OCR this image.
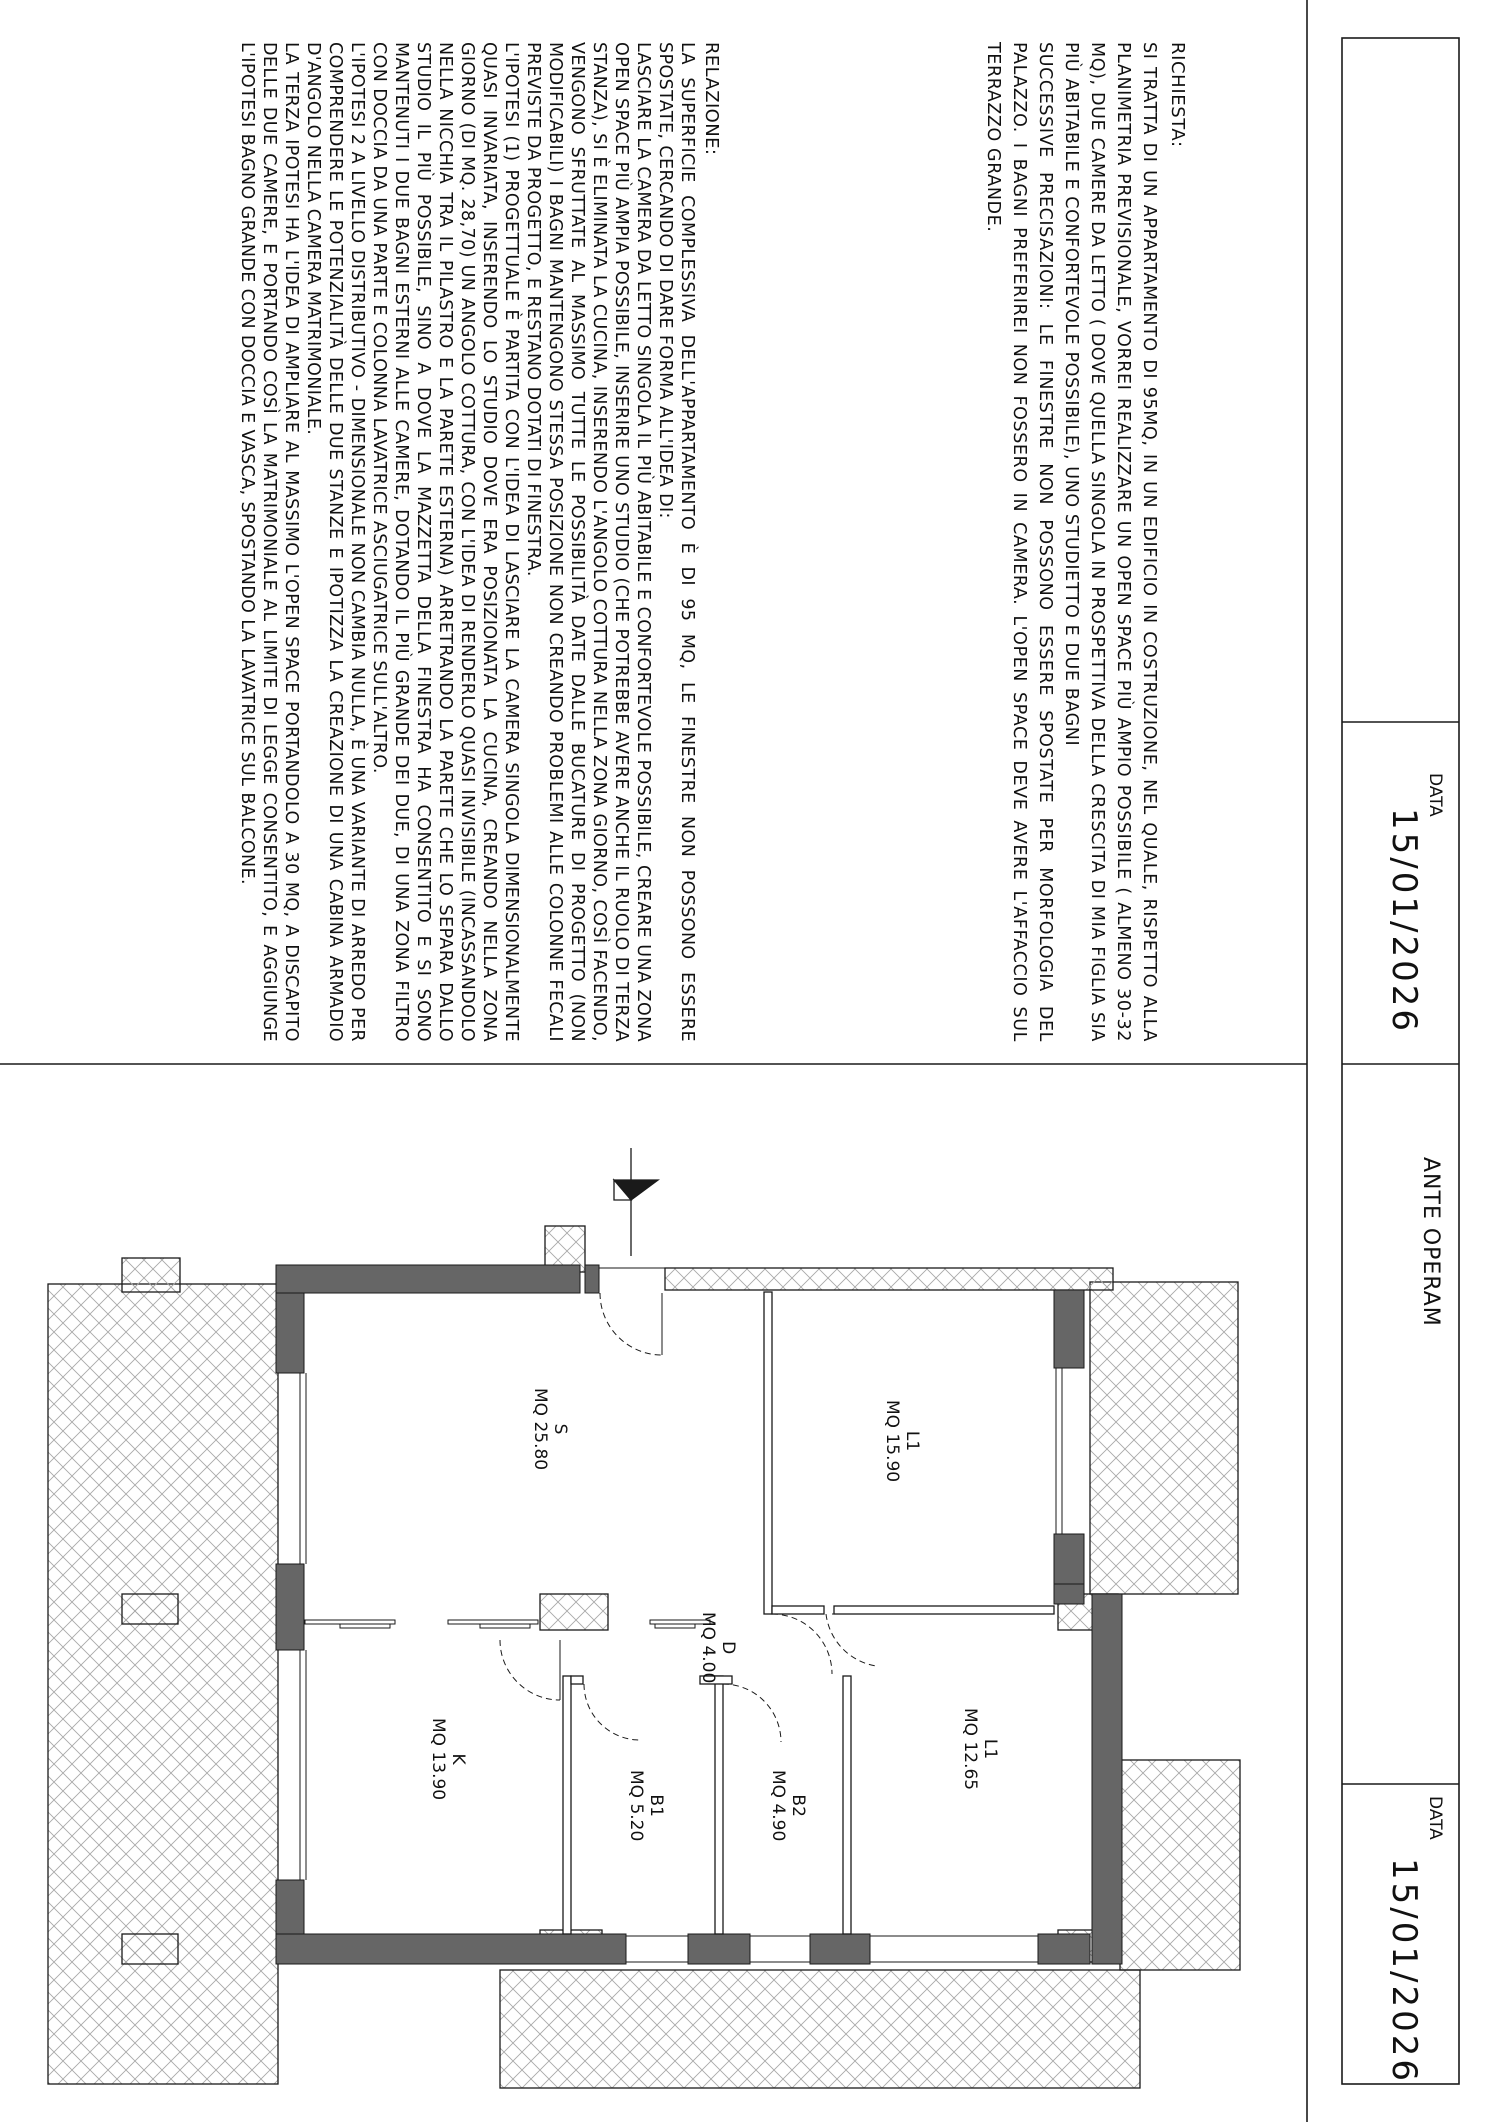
RICHIESTA:

SI TRATTA DI UN APPARTAMENTO DI 95MQ, IN UN EDIFICIO IN COSTRUZIONE, NEL QUALE, RISPETTO ALLA PLANIMETRIA PREVISIONALE, VORREI REALIZZARE UN OPEN SPACE PIÙ AMPIO POSSIBILE ( ALMENO 30-32 MQ), DUE CAMERE DA LETTO ( DOVE QUELLA SINGOLA IN PROSPETTIVA DELLA CRESCITA DI MIA FIGLIA SIA PIÙ ABITABILE E CONFORTEVOLE POSSIBILE), UNO STUDIETTO E DUE BAGNI

SUCCESSIVE PRECISAZIONI: LE FINESTRE NON POSSONO ESSERE SPOSTATE PER MORFOLOGIA DEL PALAZZO. I BAGNI PREFERIREI NON FOSSERO IN CAMERA. L'OPEN SPACE DEVE AVERE L'AFFACCIO SUL TERRAZZO GRANDE.

RELAZIONE:

LA SUPERFICIE COMPLESSIVA DELL'APPARTAMENTO È DI 95 MQ, LE FINESTRE NON POSSONO ESSERE SPOSTATE, CERCANDO DI DARE FORMA ALL'IDEA DI:

LASCIARE LA CAMERA DA LETTO SINGOLA IL PIÙ ABITABILE E CONFORTEVOLE POSSIBILE, CREARE UNA ZONA OPEN SPACE PIÙ AMPIA POSSIBILE, INSERIRE UNO STUDIO (CHE POTREBBE AVERE ANCHE IL RUOLO DI TERZA STANZA), SI È ELIMINATA LA CUCINA, INSERENDO L'ANGOLO COTTURA NELLA ZONA GIORNO, COSÌ FACENDO, VENGONO SFRUTTATE AL MASSIMO TUTTE LE POSSIBILITÀ DATE DALLE BUCATURE DI PROGETTO (NON MODIFICABILI) I BAGNI MANTENGONO STESSA POSIZIONE NON CREANDO PROBLEMI ALLE COLONNE FECALI PREVISTE DA PROGETTO, E RESTANO DOTATI DI FINESTRA.

L'IPOTESI (1) PROGETTUALE È PARTITA CON L'IDEA DI LASCIARE LA CAMERA SINGOLA DIMENSIONALMENTE QUASI INVARIATA, INSERENDO LO STUDIO DOVE ERA POSIZIONATA LA CUCINA, CREANDO NELLA ZONA GIORNO (DI MQ. 28,70) UN ANGOLO COTTURA, CON L'IDEA DI RENDERLO QUASI INVISIBILE (INCASSANDOLO NELLA NICCHIA TRA IL PILASTRO E LA PARETE ESTERNA) ARRETRANDO LA PARETE CHE LO SEPARA DALLO STUDIO IL PIÙ POSSIBILE, SINO A DOVE LA MAZZETTA DELLA FINESTRA HA CONSENTITO E SI SONO MANTENUTI I DUE BAGNI ESTERNI ALLE CAMERE, DOTANDO IL PIÙ GRANDE DEI DUE, DI UNA ZONA FILTRO CON DOCCIA DA UNA PARTE E COLONNA LAVATRICE ASCIUGATRICE SULL'ALTRO.

L'IPOTESI 2 A LIVELLO DISTRIBUTIVO - DIMENSIONALE NON CAMBIA NULLA, È UNA VARIANTE DI ARREDO PER COMPRENDERE LE POTENZIALITÀ DELLE DUE STANZE E IPOTIZZA LA CREAZIONE DI UNA CABINA ARMADIO D'ANGOLO NELLA CAMERA MATRIMONIALE.

LA TERZA IPOTESI HA L'IDEA DI AMPLIARE AL MASSIMO L'OPEN SPACE PORTANDOLO A 30 MQ, A DISCAPITO DELLE DUE CAMERE, E PORTANDO COSÌ LA MATRIMONIALE AL LIMITE DI LEGGE CONSENTITO, E AGGIUNGE L'IPOTESI BAGNO GRANDE CON DOCCIA E VASCA, SPOSTANDO LA LAVATRICE SUL BALCONE.	DATA
15/01/2026
ANTE OPERAM
DATA
15/01/2026
L1
MQ 15.90
S
MQ 25.80
D
MQ 4.00
L1
MQ 12.65
K
MQ 13.90
B1
MQ 5.20	B2
MQ 4.90
